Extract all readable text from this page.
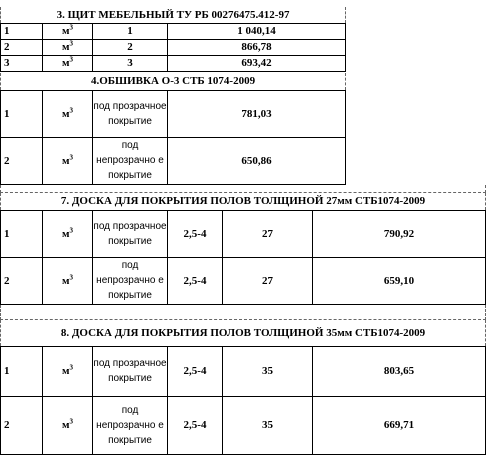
3. ЩИТ МЕБЕЛЬНЫЙ ТУ РБ 00276475.412-97			
1	$м^3$	1	1 040,14
2	$м^3$	2	866,78
3	$м^3$	3	693,42
4.ОБШИВКА О-3 СТБ 1074-2009			
1	$м^3$	под прозрачное покрытие	781,03
2	$м^3$	под непрозрачно е покрытие	650,86
7. ДОСКА ДЛЯ ПОКРЫТИЯ ПОЛОВ ТОЛЩИНОЙ 27мм СТБ1074-2009					
1	$м^3$	под прозрачное покрытие	2,5-4	27	790,92
2	$м^3$	под непрозрачно е покрытие	2,5-4	27	659,10
8. ДОСКА ДЛЯ ПОКРЫТИЯ ПОЛОВ ТОЛЩИНОЙ 35мм СТБ1074-2009					
1	$м^3$	под прозрачное покрытие	2,5-4	35	803,65
2	$м^3$	под непрозрачно е покрытие	2,5-4	35	669,71
